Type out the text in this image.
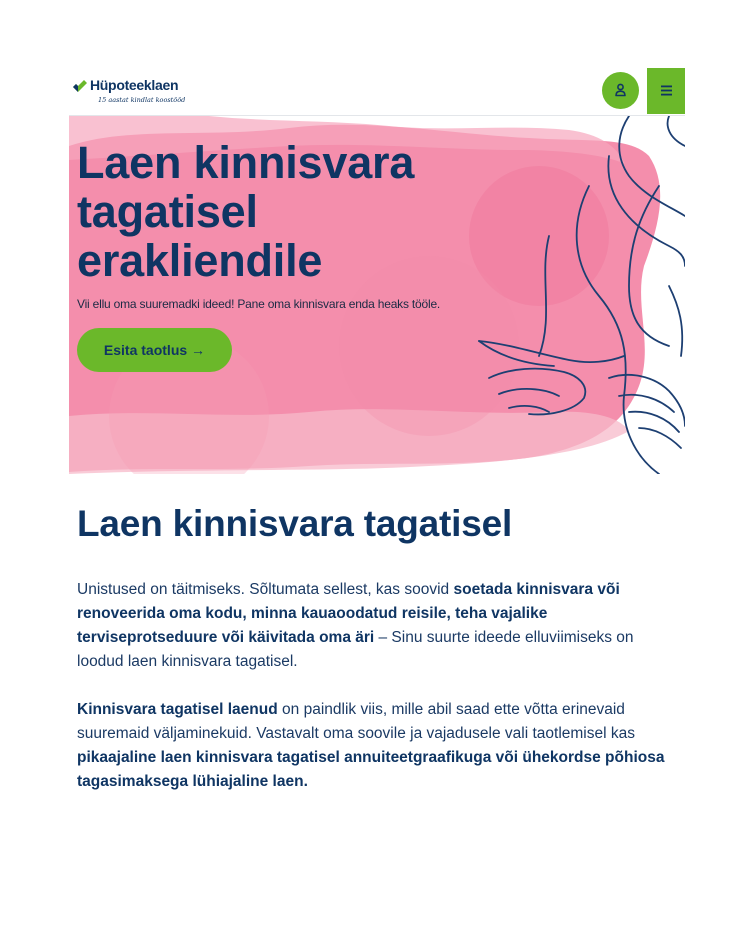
Hüpoteeklaen
15 aastat kindlat koostööd
Laen kinnisvara tagatisel erakliendile

Vii ellu oma suuremadki ideed! Pane oma kinnisvara enda heaks tööle.

Esita taotlus →
Laen kinnisvara tagatisel

Unistused on täitmiseks. Sõltumata sellest, kas soovid soetada kinnisvara või renoveerida oma kodu, minna kauaoodatud reisile, teha vajalike terviseprotseduure või käivitada oma äri – Sinu suurte ideede elluviimiseks on loodud laen kinnisvara tagatisel.

Kinnisvara tagatisel laenud on paindlik viis, mille abil saad ette võtta erinevaid suuremaid väljaminekuid. Vastavalt oma soovile ja vajadusele vali taotlemisel kas pikaajaline laen kinnisvara tagatisel annuiteetgraafikuga või ühekordse põhiosa tagasimaksega lühiajaline laen.
